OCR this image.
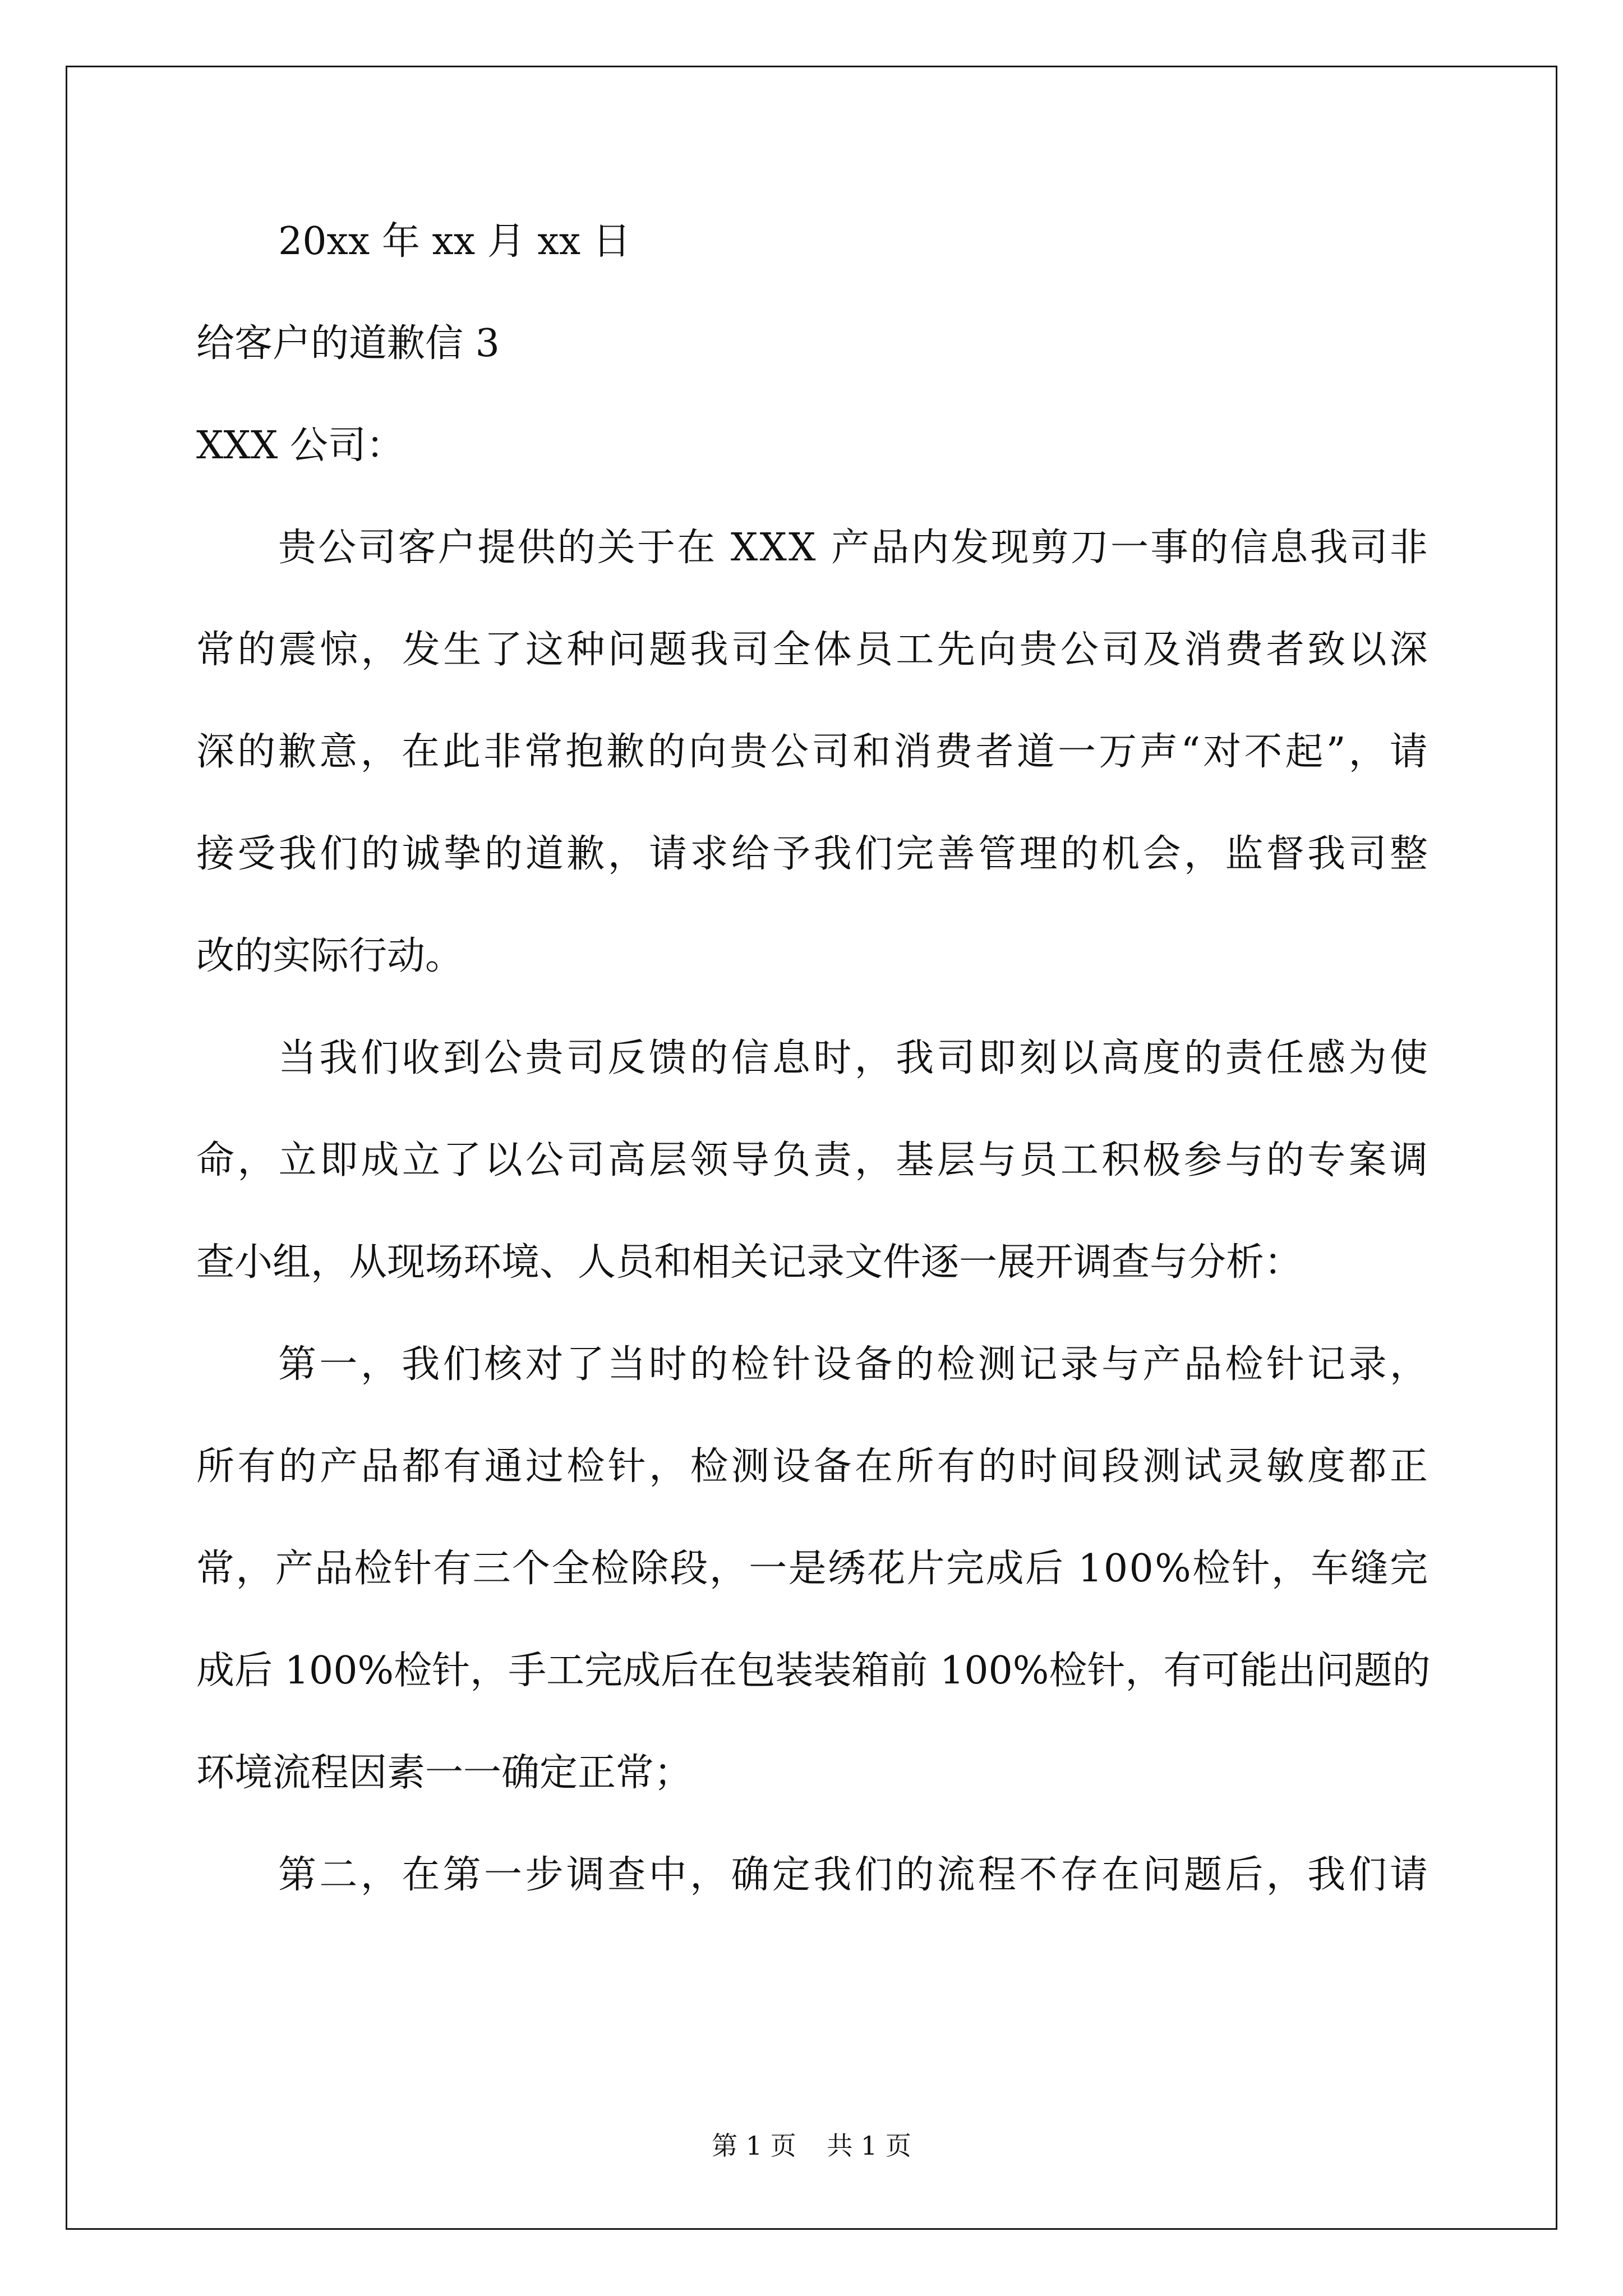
20xx 年 xx 月 xx 日

给客户的道歉信 3

XXX 公司：

贵 公 司 客 户 提 供 的 关 于 在
X X X
产 品 内 发 现 剪 刀 一 事 的 信 息 我 司 非

常 的 震 惊 ， 发 生 了 这 种 问 题 我 司 全 体 员 工 先 向 贵 公 司 及 消 费 者 致 以 深

深 的 歉 意 ， 在 此 非 常 抱 歉 的 向 贵 公 司 和 消 费 者 道 一 万 声 “ 对 不 起 ” ， 请

接 受 我 们 的 诚 挚 的 道 歉 ， 请 求 给 予 我 们 完 善 管 理 的 机 会 ， 监 督 我 司 整

改的实际行动。

当 我 们 收 到 公 贵 司 反 馈 的 信 息 时 ， 我 司 即 刻 以 高 度 的 责 任 感 为 使

命 ， 立 即 成 立 了 以 公 司 高 层 领 导 负 责 ， 基 层 与 员 工 积 极 参 与 的 专 案 调

查小组，从现场环境、人员和相关记录文件逐一展开调查与分析：

第 一 ， 我 们 核 对 了 当 时 的 检 针 设 备 的 检 测 记 录 与 产 品 检 针 记 录 ，

所 有 的 产 品 都 有 通 过 检 针 ， 检 测 设 备 在 所 有 的 时 间 段 测 试 灵 敏 度 都 正

常 ， 产 品 检 针 有 三 个 全 检 除 段 ， 一 是 绣 花 片 完 成 后
1 0 0 % 检 针 ， 车 缝 完

成 后
1 0 0 % 检 针 ， 手 工 完 成 后 在 包 装 装 箱 前
1 0 0 % 检 针 ， 有 可 能 出 问 题 的

环境流程因素一一确定正常；

第 二 ， 在 第 一 步 调 查 中 ， 确 定 我 们 的 流 程 不 存 在 问 题 后 ， 我 们 请

第 1 页 共 1 页
